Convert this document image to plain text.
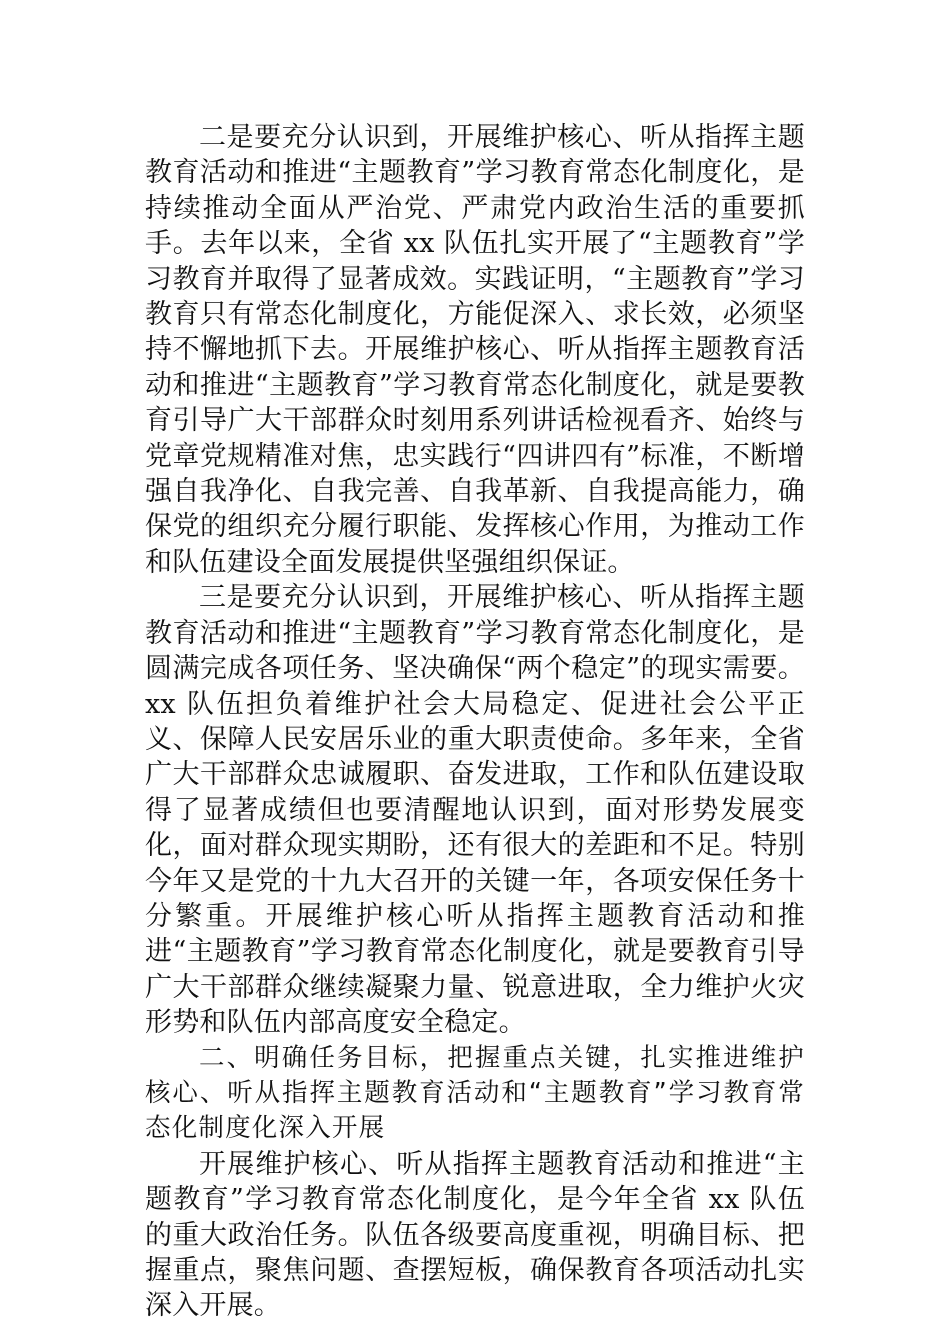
二是要充分认识到，开展维护核心、听从指挥主题教育活动和推进“主题教育”学习教育常态化制度化，是持续推动全面从严治党、严肃党内政治生活的重要抓手。去年以来，全省 xx 队伍扎实开展了“主题教育”学习教育并取得了显著成效。实践证明，“主题教育”学习教育只有常态化制度化，方能促深入、求长效，必须坚持不懈地抓下去。开展维护核心、听从指挥主题教育活动和推进“主题教育”学习教育常态化制度化，就是要教育引导广大干部群众时刻用系列讲话检视看齐、始终与党章党规精准对焦，忠实践行“四讲四有”标准，不断增强自我净化、自我完善、自我革新、自我提高能力，确保党的组织充分履行职能、发挥核心作用，为推动工作和队伍建设全面发展提供坚强组织保证。

三是要充分认识到，开展维护核心、听从指挥主题教育活动和推进“主题教育”学习教育常态化制度化，是圆满完成各项任务、坚决确保“两个稳定”的现实需要。xx 队伍担负着维护社会大局稳定、促进社会公平正义、保障人民安居乐业的重大职责使命。多年来，全省广大干部群众忠诚履职、奋发进取，工作和队伍建设取得了显著成绩但也要清醒地认识到，面对形势发展变化，面对群众现实期盼，还有很大的差距和不足。特别今年又是党的十九大召开的关键一年，各项安保任务十分繁重。开展维护核心听从指挥主题教育活动和推进“主题教育”学习教育常态化制度化，就是要教育引导广大干部群众继续凝聚力量、锐意进取，全力维护火灾形势和队伍内部高度安全稳定。

二、明确任务目标，把握重点关键，扎实推进维护核心、听从指挥主题教育活动和“主题教育”学习教育常态化制度化深入开展

开展维护核心、听从指挥主题教育活动和推进“主题教育”学习教育常态化制度化，是今年全省 xx 队伍的重大政治任务。队伍各级要高度重视，明确目标、把握重点，聚焦问题、查摆短板，确保教育各项活动扎实深入开展。
